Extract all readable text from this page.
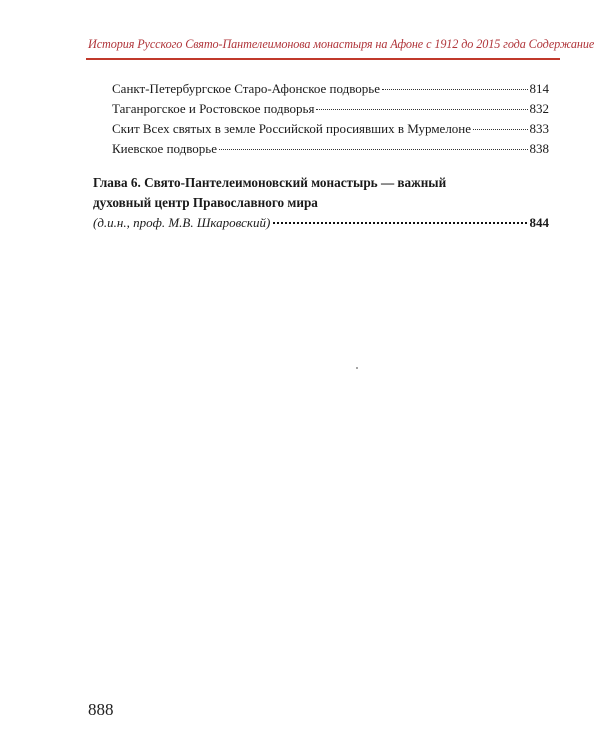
История Русского Свято-Пантелеимонова монастыря на Афоне с 1912 до 2015 года Содержание
Санкт-Петербургское Старо-Афонское подворье	814
Таганрогское и Ростовское подворья	832
Скит Всех святых в земле Российской просиявших в Мурмелоне	833
Киевское подворье	838
Глава 6. Свято-Пантелеимоновский монастырь — важный
духовный центр Православного мира
(д.и.н., проф. М.В. Шкаровский)	844
888
